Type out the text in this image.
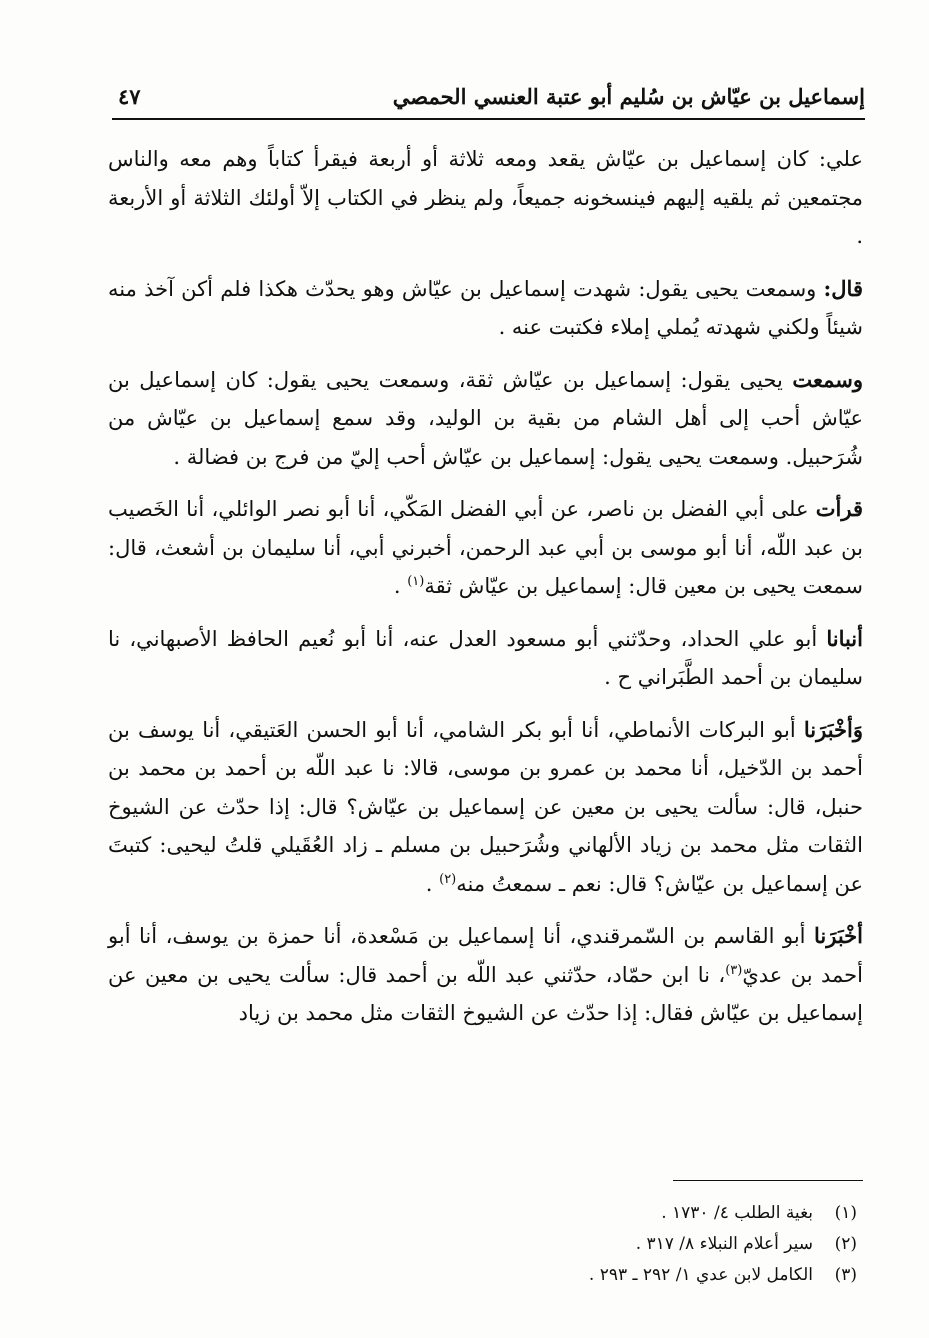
إسماعيل بن عيّاش بن سُليم أبو عتبة العنسي الحمصي
٤٧

علي: كان إسماعيل بن عيّاش يقعد ومعه ثلاثة أو أربعة فيقرأ كتاباً وهم معه والناس مجتمعين ثم يلقيه إليهم فينسخونه جميعاً، ولم ينظر في الكتاب إلاّ أولئك الثلاثة أو الأربعة .

قال: وسمعت يحيى يقول: شهدت إسماعيل بن عيّاش وهو يحدّث هكذا فلم أكن آخذ منه شيئاً ولكني شهدته يُملي إملاء فكتبت عنه .

وسمعت يحيى يقول: إسماعيل بن عيّاش ثقة، وسمعت يحيى يقول: كان إسماعيل بن عيّاش أحب إلى أهل الشام من بقية بن الوليد، وقد سمع إسماعيل بن عيّاش من شُرَحبيل. وسمعت يحيى يقول: إسماعيل بن عيّاش أحب إليّ من فرج بن فضالة .

قرأت على أبي الفضل بن ناصر، عن أبي الفضل المَكّي، أنا أبو نصر الوائلي، أنا الخَصيب بن عبد اللّه، أنا أبو موسى بن أبي عبد الرحمن، أخبرني أبي، أنا سليمان بن أشعث، قال: سمعت يحيى بن معين قال: إسماعيل بن عيّاش ثقة$^{(١)}$ .

أنبانا أبو علي الحداد، وحدّثني أبو مسعود العدل عنه، أنا أبو نُعيم الحافظ الأصبهاني، نا سليمان بن أحمد الطَّبَراني ح .

وَأخْبَرَنا أبو البركات الأنماطي، أنا أبو بكر الشامي، أنا أبو الحسن العَتيقي، أنا يوسف بن أحمد بن الدّخيل، أنا محمد بن عمرو بن موسى، قالا: نا عبد اللّه بن أحمد بن محمد بن حنبل، قال: سألت يحيى بن معين عن إسماعيل بن عيّاش؟ قال: إذا حدّث عن الشيوخ الثقات مثل محمد بن زياد الألهاني وشُرَحبيل بن مسلم ـ زاد العُقَيلي قلتُ ليحيى: كتبتَ عن إسماعيل بن عيّاش؟ قال: نعم ـ سمعتُ منه$^{(٢)}$ .

أخْبَرَنا أبو القاسم بن السّمرقندي، أنا إسماعيل بن مَسْعدة، أنا حمزة بن يوسف، أنا أبو أحمد بن عديّ$^{(٣)}$، نا ابن حمّاد، حدّثني عبد اللّه بن أحمد قال: سألت يحيى بن معين عن إسماعيل بن عيّاش فقال: إذا حدّث عن الشيوخ الثقات مثل محمد بن زياد

(١)
بغية الطلب ٤/ ١٧٣٠ .
(٢)
سير أعلام النبلاء ٨/ ٣١٧ .
(٣)
الكامل لابن عدي ١/ ٢٩٢ ـ ٢٩٣ .
